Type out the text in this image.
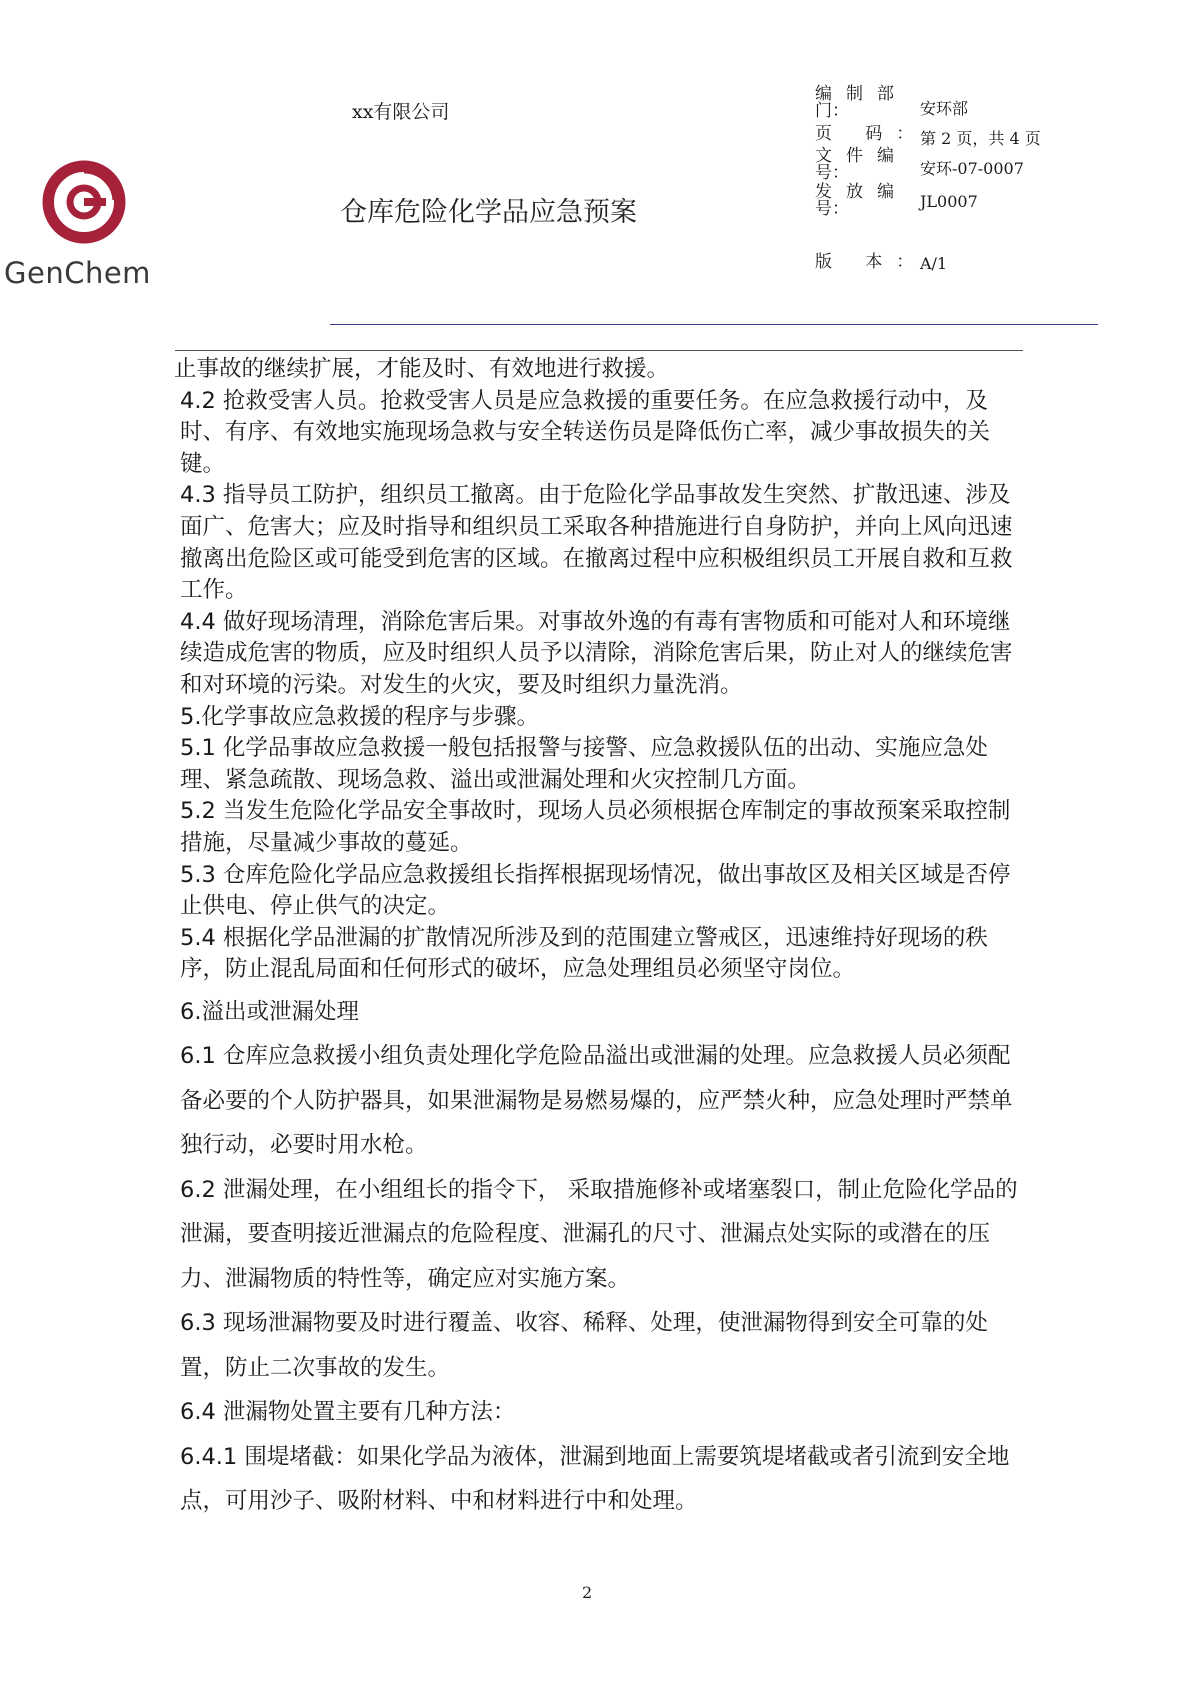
GenChem
xx有限公司
仓库危险化学品应急预案
编制部
门：	安环部
页 码：
第 2 页，共 4 页
文件编
号：	安环-07-0007
发放编
号：	JL0007
版 本：
A/1

止事故的继续扩展，才能及时、有效地进行救援。

4.2 抢救受害人员。抢救受害人员是应急救援的重要任务。在应急救援行动中，及时、有序、有效地实施现场急救与安全转送伤员是降低伤亡率，减少事故损失的关键。

4.3 指导员工防护，组织员工撤离。由于危险化学品事故发生突然、扩散迅速、涉及面广、危害大；应及时指导和组织员工采取各种措施进行自身防护，并向上风向迅速撤离出危险区或可能受到危害的区域。在撤离过程中应积极组织员工开展自救和互救工作。

4.4 做好现场清理，消除危害后果。对事故外逸的有毒有害物质和可能对人和环境继续造成危害的物质，应及时组织人员予以清除，消除危害后果，防止对人的继续危害和对环境的污染。对发生的火灾，要及时组织力量洗消。

5.化学事故应急救援的程序与步骤。

5.1 化学品事故应急救援一般包括报警与接警、应急救援队伍的出动、实施应急处理、紧急疏散、现场急救、溢出或泄漏处理和火灾控制几方面。

5.2 当发生危险化学品安全事故时，现场人员必须根据仓库制定的事故预案采取控制措施，尽量减少事故的蔓延。

5.3 仓库危险化学品应急救援组长指挥根据现场情况，做出事故区及相关区域是否停止供电、停止供气的决定。

5.4 根据化学品泄漏的扩散情况所涉及到的范围建立警戒区，迅速维持好现场的秩序，防止混乱局面和任何形式的破坏，应急处理组员必须坚守岗位。

6.溢出或泄漏处理

6.1 仓库应急救援小组负责处理化学危险品溢出或泄漏的处理。应急救援人员必须配备必要的个人防护器具，如果泄漏物是易燃易爆的，应严禁火种，应急处理时严禁单独行动，必要时用水枪。

6.2 泄漏处理，在小组组长的指令下， 采取措施修补或堵塞裂口，制止危险化学品的泄漏，要查明接近泄漏点的危险程度、泄漏孔的尺寸、泄漏点处实际的或潜在的压力、泄漏物质的特性等，确定应对实施方案。

6.3 现场泄漏物要及时进行覆盖、收容、稀释、处理，使泄漏物得到安全可靠的处置，防止二次事故的发生。

6.4 泄漏物处置主要有几种方法：

6.4.1 围堤堵截：如果化学品为液体，泄漏到地面上需要筑堤堵截或者引流到安全地点，可用沙子、吸附材料、中和材料进行中和处理。

2
